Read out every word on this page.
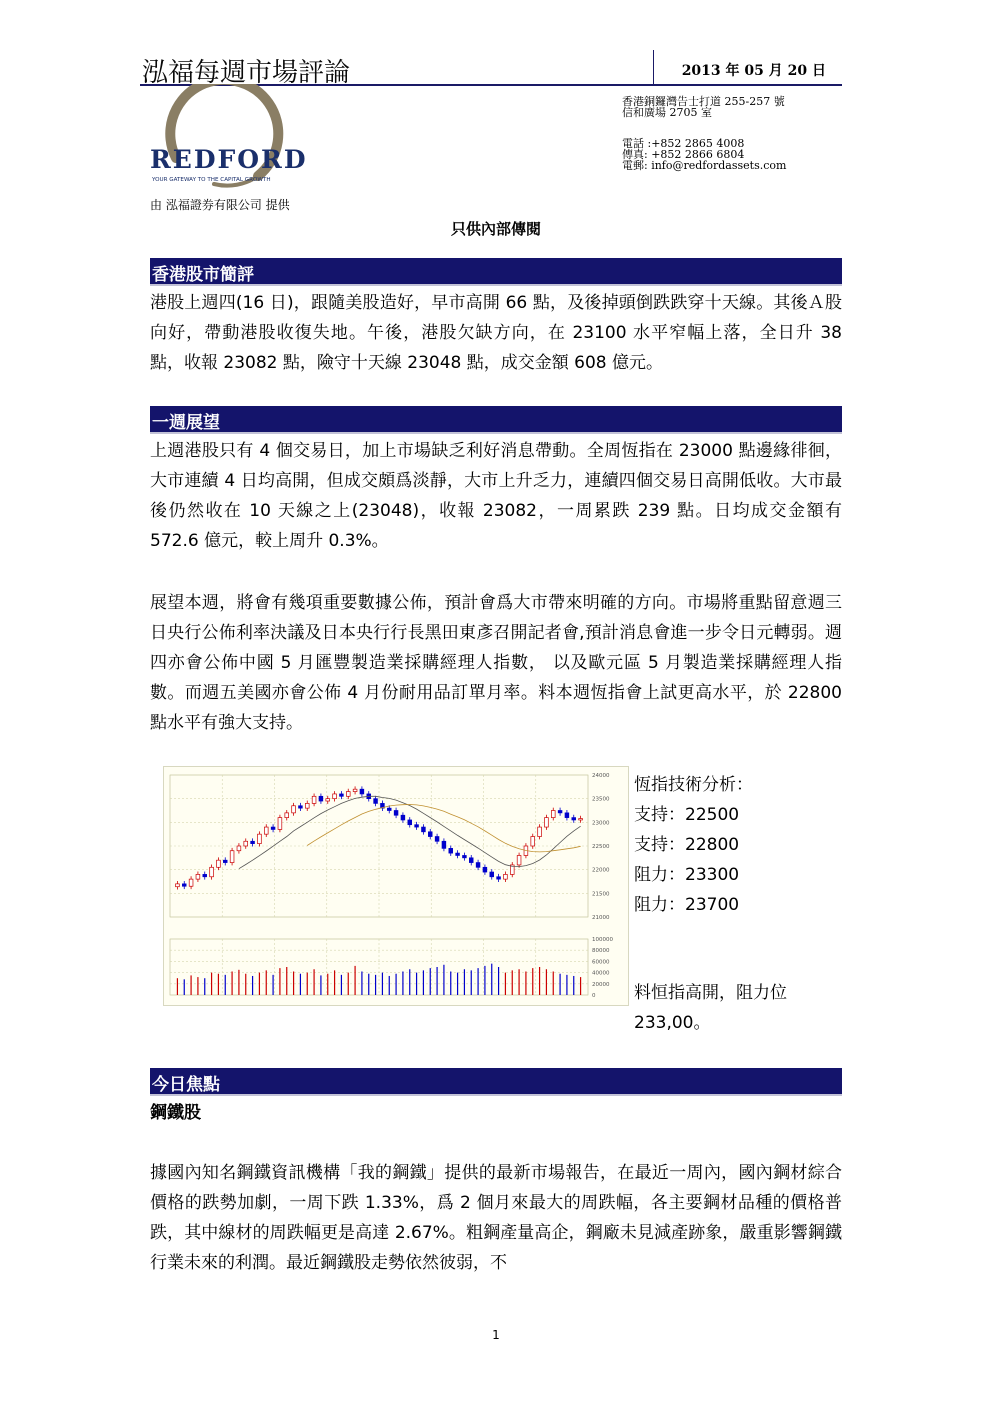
泓福每週市場評論	2013 年 05 月 20 日
REDFORD
YOUR GATEWAY TO THE CAPITAL GROWTH
由 泓福證券有限公司 提供
香港銅鑼灣告士打道 255-257 號
信和廣場 2705 室
電話 :+852 2865 4008
傳真: +852 2866 6804
電郵: info@redfordassets.com
只供內部傳閱
香港股市簡評
港股上週四(16 日)，跟隨美股造好，早市高開 66 點，及後掉頭倒跌跌穿十天線。其後Ａ股向好，帶動港股收復失地。午後，港股欠缺方向，在 23100 水平窄幅上落，全日升 38 點，收報 23082 點，險守十天線 23048 點，成交金額 608 億元。
一週展望
上週港股只有 4 個交易日，加上市場缺乏利好消息帶動。全周恆指在 23000 點邊緣徘徊，大市連續 4 日均高開，但成交頗爲淡靜，大市上升乏力，連續四個交易日高開低收。大市最後仍然收在 10 天線之上(23048)，收報 23082，一周累跌 239 點。日均成交金額有 572.6 億元，較上周升 0.3%。
展望本週，將會有幾項重要數據公佈，預計會爲大市帶來明確的方向。市場將重點留意週三日央行公佈利率決議及日本央行行長黑田東彥召開記者會,預計消息會進一步令日元轉弱。週四亦會公佈中國 5 月匯豐製造業採購經理人指數， 以及歐元區 5 月製造業採購經理人指數。而週五美國亦會公佈 4 月份耐用品訂單月率。料本週恆指會上試更高水平，於 22800 點水平有強大支持。
24000
23500
23000
22500
22000
21500
21000
100000
80000
60000
40000
20000
0
恆指技術分析：
支持：22500
支持：22800
阻力：23300
阻力：23700
料恒指高開，阻力位
233,00。
今日焦點
鋼鐵股
據國內知名鋼鐵資訊機構「我的鋼鐵」提供的最新市場報告，在最近一周內，國內鋼材綜合價格的跌勢加劇，一周下跌 1.33%，爲 2 個月來最大的周跌幅，各主要鋼材品種的價格普跌，其中線材的周跌幅更是高達 2.67%。粗鋼產量高企，鋼廠未見減產跡象，嚴重影響鋼鐵行業未來的利潤。最近鋼鐵股走勢依然彼弱，不
1
